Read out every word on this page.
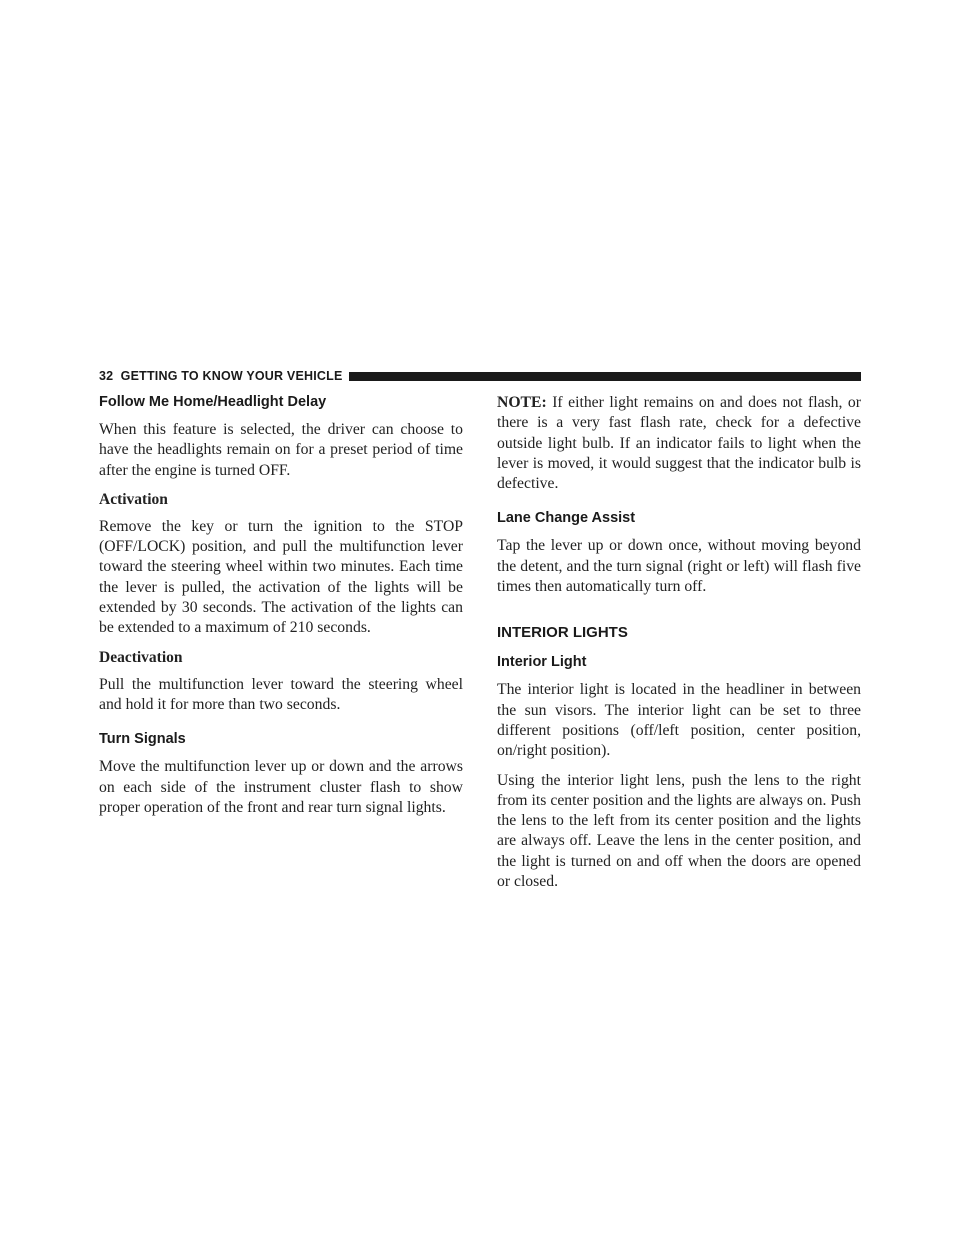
32 GETTING TO KNOW YOUR VEHICLE
Follow Me Home/Headlight Delay

When this feature is selected, the driver can choose to have the headlights remain on for a preset period of time after the engine is turned OFF.

Activation

Remove the key or turn the ignition to the STOP (OFF/LOCK) position, and pull the multifunction lever toward the steering wheel within two minutes. Each time the lever is pulled, the activation of the lights will be extended by 30 seconds. The activation of the lights can be extended to a maximum of 210 seconds.

Deactivation

Pull the multifunction lever toward the steering wheel and hold it for more than two seconds.

Turn Signals

Move the multifunction lever up or down and the arrows on each side of the instrument cluster flash to show proper operation of the front and rear turn signal lights.

NOTE: If either light remains on and does not flash, or there is a very fast flash rate, check for a defective outside light bulb. If an indicator fails to light when the lever is moved, it would suggest that the indicator bulb is defective.

Lane Change Assist

Tap the lever up or down once, without moving beyond the detent, and the turn signal (right or left) will flash five times then automatically turn off.

INTERIOR LIGHTS
Interior Light

The interior light is located in the headliner in between the sun visors. The interior light can be set to three different positions (off/left position, center position, on/right position).

Using the interior light lens, push the lens to the right from its center position and the lights are always on. Push the lens to the left from its center position and the lights are always off. Leave the lens in the center position, and the light is turned on and off when the doors are opened or closed.
